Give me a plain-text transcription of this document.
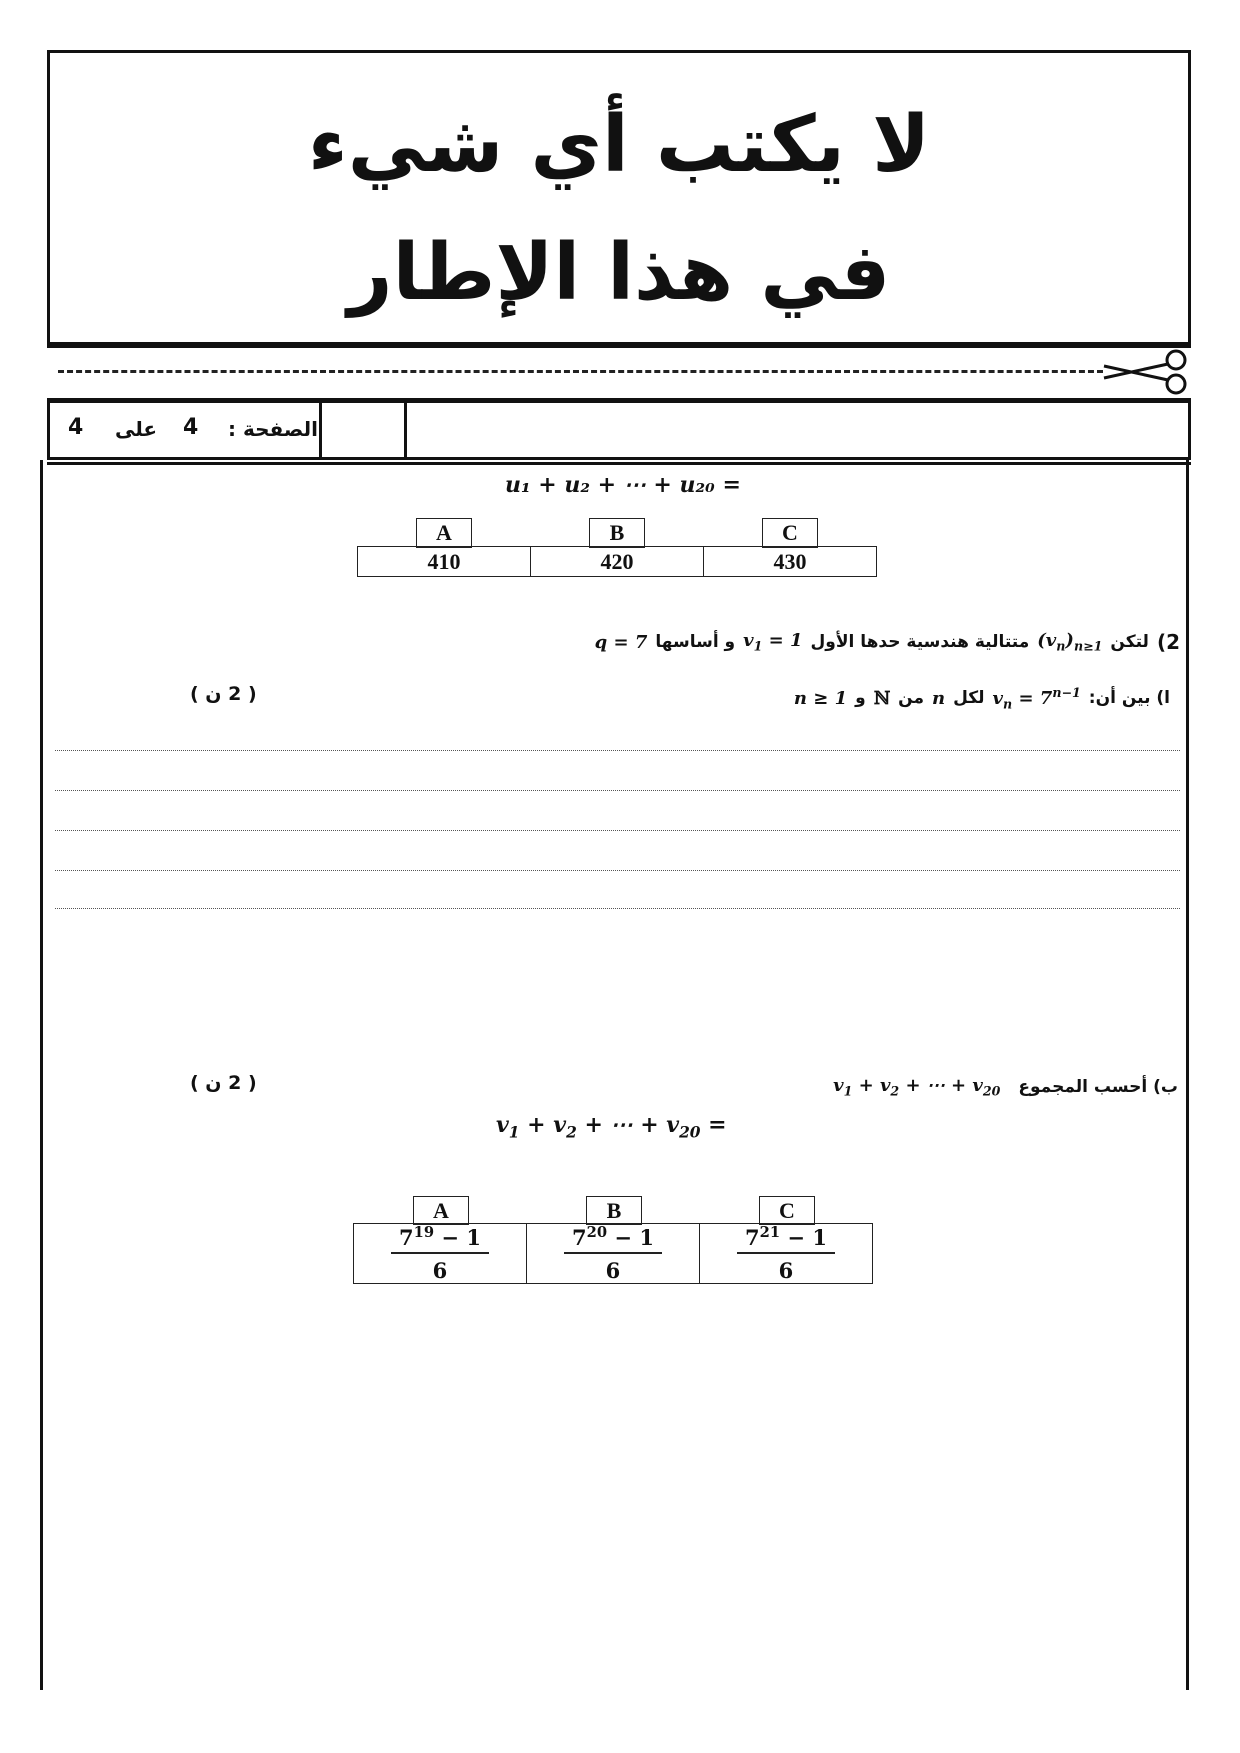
لا يكتب أي شيء
في هذا الإطار
الصفحة :
4
على
4
u₁ + u₂ + ⋯ + u₂₀ =
A	B	C
410	420	430
2)
لتكن
$(v_n)_{n\ge 1}$
متتالية هندسية حدها الأول
$v_1 = 1$
و أساسها
q = 7
ا) بين أن:
$v_n = 7^{n-1}$
لكل
n
من
ℕ
و
n ≥ 1
( 2 ن )
ب) أحسب المجموع
$v_1 + v_2$ + ⋯ + $v_{20}$
( 2 ن )
$v_1 + v_2$ + ⋯ + $v_{20}$ =
A	B	C
$\frac{7^{19} - 1}{6}$	$\frac{7^{20} - 1}{6}$	$\frac{7^{21} - 1}{6}$
